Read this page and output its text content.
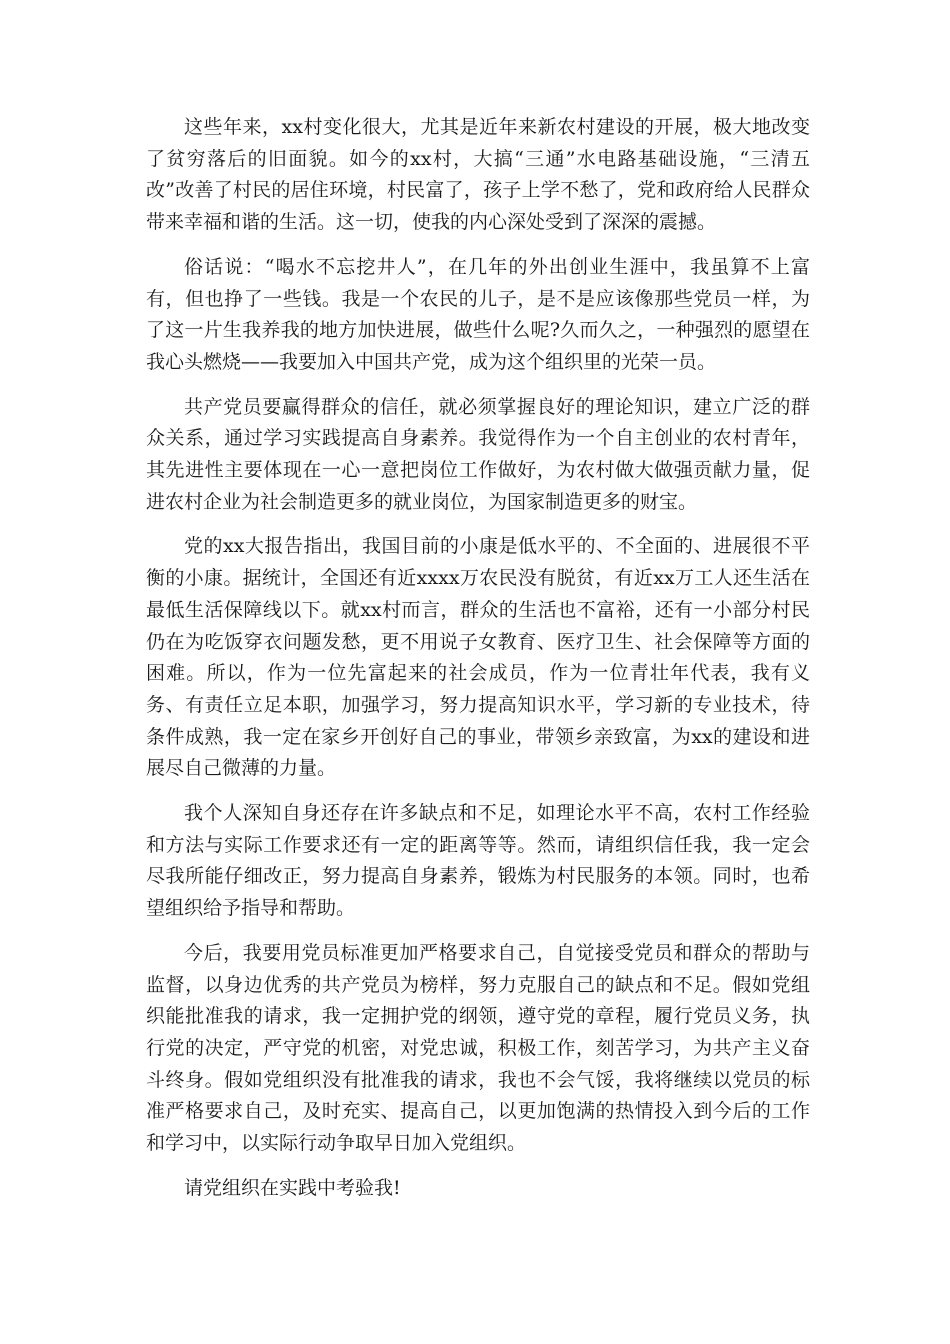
这些年来，xx村变化很大，尤其是近年来新农村建设的开展，极大地改变了贫穷落后的旧面貌。如今的xx村，大搞“三通”水电路基础设施，“三清五改”改善了村民的居住环境，村民富了，孩子上学不愁了，党和政府给人民群众带来幸福和谐的生活。这一切，使我的内心深处受到了深深的震撼。

俗话说：“喝水不忘挖井人”，在几年的外出创业生涯中，我虽算不上富有，但也挣了一些钱。我是一个农民的儿子，是不是应该像那些党员一样，为了这一片生我养我的地方加快进展，做些什么呢?久而久之，一种强烈的愿望在我心头燃烧——我要加入中国共产党，成为这个组织里的光荣一员。

共产党员要赢得群众的信任，就必须掌握良好的理论知识，建立广泛的群众关系，通过学习实践提高自身素养。我觉得作为一个自主创业的农村青年，其先进性主要体现在一心一意把岗位工作做好，为农村做大做强贡献力量，促进农村企业为社会制造更多的就业岗位，为国家制造更多的财宝。

党的xx大报告指出，我国目前的小康是低水平的、不全面的、进展很不平衡的小康。据统计，全国还有近xxxx万农民没有脱贫，有近xx万工人还生活在最低生活保障线以下。就xx村而言，群众的生活也不富裕，还有一小部分村民仍在为吃饭穿衣问题发愁，更不用说子女教育、医疗卫生、社会保障等方面的困难。所以，作为一位先富起来的社会成员，作为一位青壮年代表，我有义务、有责任立足本职，加强学习，努力提高知识水平，学习新的专业技术，待条件成熟，我一定在家乡开创好自己的事业，带领乡亲致富，为xx的建设和进展尽自己微薄的力量。

我个人深知自身还存在许多缺点和不足，如理论水平不高，农村工作经验和方法与实际工作要求还有一定的距离等等。然而，请组织信任我，我一定会尽我所能仔细改正，努力提高自身素养，锻炼为村民服务的本领。同时，也希望组织给予指导和帮助。

今后，我要用党员标准更加严格要求自己，自觉接受党员和群众的帮助与监督，以身边优秀的共产党员为榜样，努力克服自己的缺点和不足。假如党组织能批准我的请求，我一定拥护党的纲领，遵守党的章程，履行党员义务，执行党的决定，严守党的机密，对党忠诚，积极工作，刻苦学习，为共产主义奋斗终身。假如党组织没有批准我的请求，我也不会气馁，我将继续以党员的标准严格要求自己，及时充实、提高自己，以更加饱满的热情投入到今后的工作和学习中，以实际行动争取早日加入党组织。

请党组织在实践中考验我!
